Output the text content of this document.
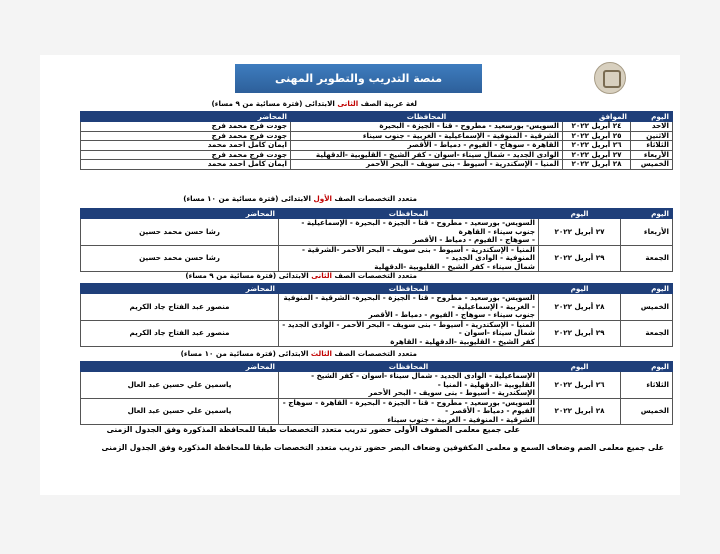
منصة التدريب والتطوير المهنى
لغة عربية الصف الثانى الابتدائى (فترة مسائية من ٩ مساء)
اليوم	الموافق	المحافظات	المحاضر
الاحد	٢٤ أبريل ٢٠٢٢	السويس- بورسعيد - مطروح - قنا - الجيزة - البحيرة	جودت فرج محمد فرج
الاثنين	٢٥ أبريل ٢٠٢٢	الشرقية - المنوفية - الإسماعيلية - الغربية - جنوب سيناء	جودت فرج محمد فرج
الثلاثاء	٢٦ أبريل ٢٠٢٢	القاهرة - سوهاج - الفيوم - دمياط - الأقصر	ايمان كامل احمد محمد
الأربعاء	٢٧ أبريل ٢٠٢٢	الوادى الجديد - شمال سيناء -اسوان - كفر الشيخ - القليوبية -الدقهلية	جودت فرج محمد فرج
الخميس	٢٨ أبريل ٢٠٢٢	المنيا - الإسكندرية - أسيوط - بنى سويف - البحر الأحمر	ايمان كامل احمد محمد
متعدد التخصصات الصف الأول الابتدائى (فترة مسائية من ١٠ مساء)
اليوم	اليوم	المحافظات	المحاضر
الأربعاء	٢٧ أبريل ٢٠٢٢	السويس- بورسعيد - مطروح - قنا - الجيزة - البحيرة - الإسماعيلية - جنوب سيناء - القاهرة
- سوهاج - الفيوم - دمياط - الأقصر	رشا حسن محمد حسين
الجمعة	٢٩ أبريل ٢٠٢٢	المنيا - الإسكندرية - أسيوط - بنى سويف - البحر الأحمر -الشرقية - المنوفية - الوادى الجديد -
شمال سيناء - كفر الشيخ - القليوبية -الدقهلية	رشا حسن محمد حسين
متعدد التخصصات الصف الثانى الابتدائى (فترة مسائية من ٩ مساء)
اليوم	اليوم	المحافظات	المحاضر
الخميس	٢٨ أبريل ٢٠٢٢	السويس- بورسعيد - مطروح - قنا - الجيزة - البحيرة- الشرقية - المنوفية - الغربية - الإسماعيلية -
جنوب سيناء - سوهاج - الفيوم - دمياط - الأقصر	منصور عبد الفتاح جاد الكريم
الجمعة	٢٩ أبريل ٢٠٢٢	المنيا - الإسكندرية - أسيوط - بنى سويف - البحر الأحمر - الوادى الجديد - شمال سيناء -اسوان -
كفر الشيخ - القليوبية -الدقهلية - القاهرة	منصور عبد الفتاح جاد الكريم
متعدد التخصصات الصف الثالث الابتدائى (فترة مسائية من ١٠ مساء)
اليوم	اليوم	المحافظات	المحاضر
الثلاثاء	٢٦ أبريل ٢٠٢٢	الإسماعيلية - الوادى الجديد - شمال سيناء -اسوان - كفر الشيخ - القليوبية -الدقهلية - المنيا -
الإسكندرية - أسيوط - بنى سويف - البحر الأحمر	ياسمين علي حسين عبد العال
الخميس	٢٨ أبريل ٢٠٢٢	السويس- بورسعيد - مطروح - قنا - الجيزة - البحيرة - القاهرة - سوهاج - الفيوم - دمياط - الأقصر -
الشرقية - المنوفية - الغربية - جنوب سيناء	ياسمين علي حسين عبد العال
على جميع معلمى الصفوف الأولى حضور تدريب متعدد التخصصات طبقا للمحافظة المذكورة وفق الجدول الزمنى
على جميع معلمى الصم وضعاف السمع و معلمى المكفوفين وضعاف البصر حضور تدريب متعدد التخصصات طبقا للمحافظة المذكورة وفق الجدول الزمنى
